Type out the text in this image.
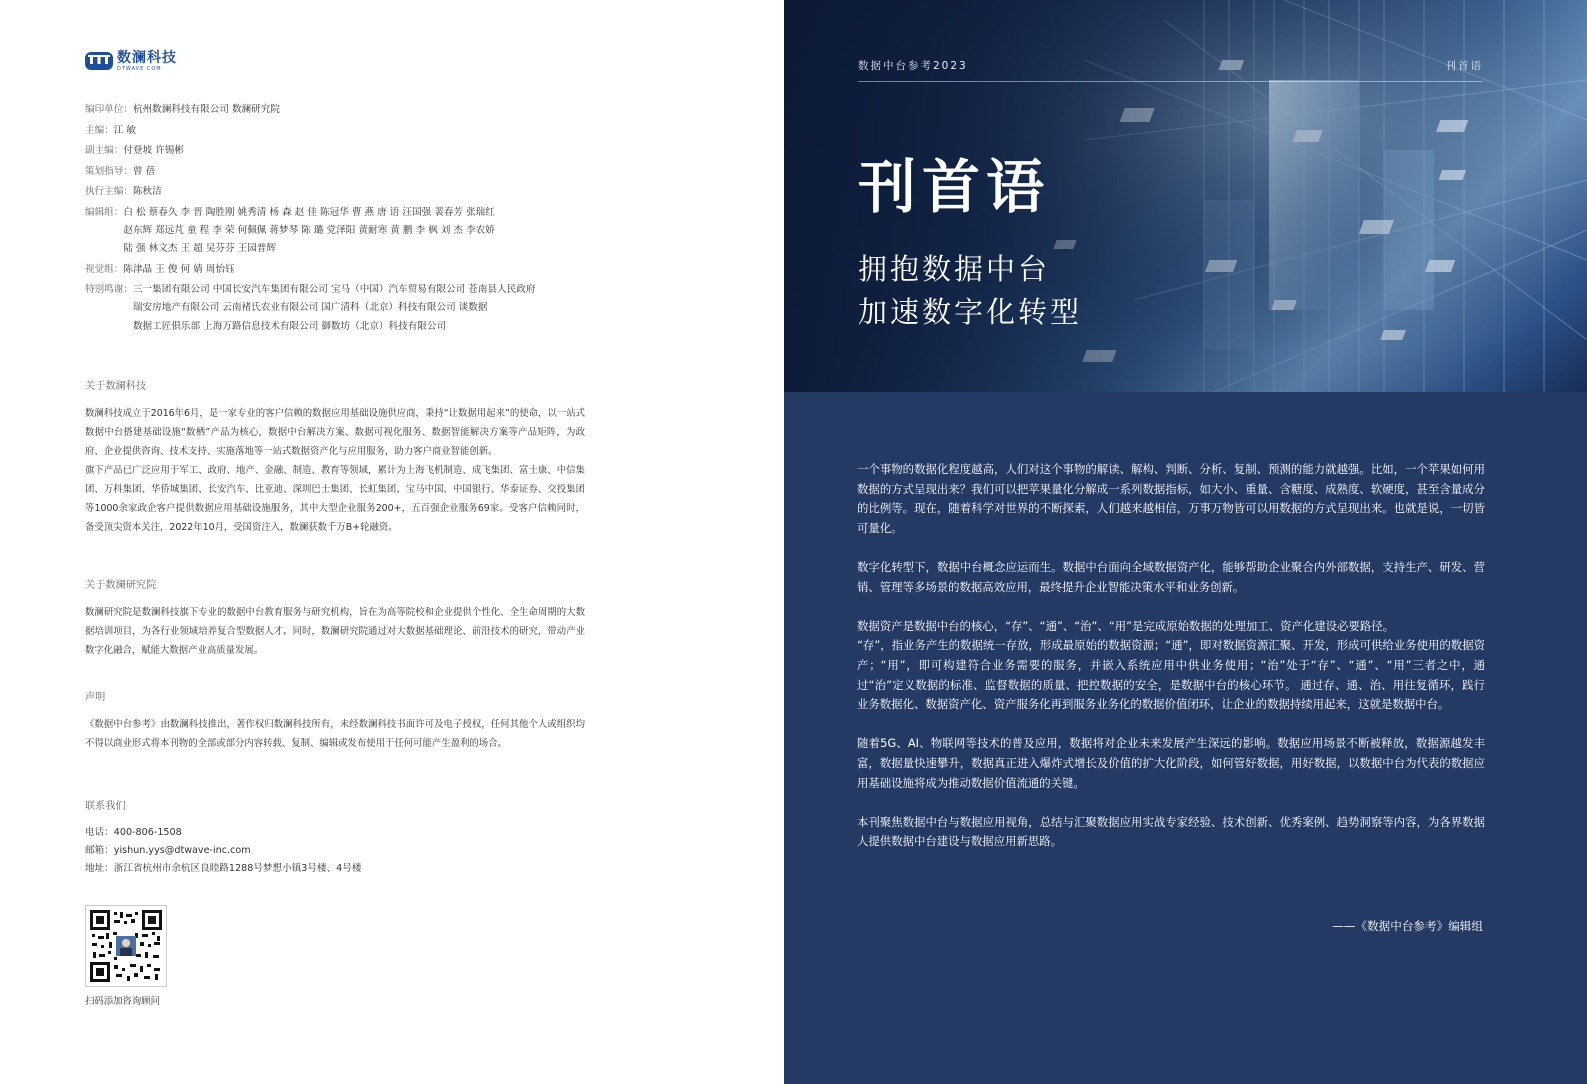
数澜科技
DTWAVE.COM
编印单位： 杭州数澜科技有限公司 数澜研究院
主编： 江 敏
副主编： 付登坡 许锡彬
策划指导： 曾 蓓
执行主编： 陈秋洁
编辑组： 白 松 蔡春久 李 晋 陶胜刚 姚秀清 杨 森 赵 佳 陈冠华 曹 燕 唐 语 汪国强 裴春芳 张瑞红
赵东辉 郑远芃 童 程 李 荣 何佩佩 蒋梦琴 陈 璐 党泽阳 黄耐寒 黄 鹏 李 枫 刘 杰 李农娇
陆 强 林文杰 王 超 吴芬芬 王园普辉
视觉组： 陈津晶 王 俊 何 婧 周怡钰
特别鸣谢： 三一集团有限公司 中国长安汽车集团有限公司 宝马（中国）汽车贸易有限公司 苍南县人民政府
瑞安房地产有限公司 云南褚氏农业有限公司 国广清科（北京）科技有限公司 谈数据
数据工匠俱乐部 上海万路信息技术有限公司 御数坊（北京）科技有限公司
关于数澜科技

数澜科技成立于2016年6月，是一家专业的客户信赖的数据应用基础设施供应商，秉持“让数据用起来”的使命，以一站式数据中台搭建基础设施“数栖”产品为核心，数据中台解决方案、数据可视化服务、数据智能解决方案等产品矩阵，为政府、企业提供咨询、技术支持、实施落地等一站式数据资产化与应用服务，助力客户商业智能创新。

旗下产品已广泛应用于军工、政府、地产、金融、制造、教育等领域，累计为上海飞机制造、成飞集团、富士康、中信集团、万科集团、华侨城集团、长安汽车、比亚迪、深圳巴士集团、长虹集团、宝马中国、中国银行、华泰证券、交投集团等1000余家政企客户提供数据应用基础设施服务，其中大型企业服务200+，五百强企业服务69家。受客户信赖同时，备受顶尖资本关注，2022年10月，受国资注入，数澜获数千万B+轮融资。

关于数澜研究院

数澜研究院是数澜科技旗下专业的数据中台教育服务与研究机构，旨在为高等院校和企业提供个性化、全生命周期的大数据培训项目，为各行业领域培养复合型数据人才。同时，数澜研究院通过对大数据基础理论、前沿技术的研究，带动产业数字化融合，赋能大数据产业高质量发展。

声明

《数据中台参考》由数澜科技推出，著作权归数澜科技所有，未经数澜科技书面许可及电子授权，任何其他个人或组织均不得以商业形式将本刊物的全部或部分内容转载、复制、编辑或发布使用于任何可能产生盈利的场合。

联系我们
电话：400-806-1508
邮箱：yishun.yys@dtwave-inc.com
地址：浙江省杭州市余杭区良睦路1288号梦想小镇3号楼、4号楼
扫码添加咨询顾问
数据中台参考2023	刊首语
刊首语
拥抱数据中台
加速数字化转型

一个事物的数据化程度越高，人们对这个事物的解读、解构、判断、分析、复制、预测的能力就越强。比如，一个苹果如何用数据的方式呈现出来？我们可以把苹果量化分解成一系列数据指标，如大小、重量、含糖度、成熟度、软硬度，甚至含量成分的比例等。现在，随着科学对世界的不断探索，人们越来越相信，万事万物皆可以用数据的方式呈现出来。也就是说，一切皆可量化。

数字化转型下，数据中台概念应运而生。数据中台面向全域数据资产化，能够帮助企业聚合内外部数据，支持生产、研发、营销、管理等多场景的数据高效应用，最终提升企业智能决策水平和业务创新。

数据资产是数据中台的核心，“存”、“通”、“治”、“用”是完成原始数据的处理加工、资产化建设必要路径。

“存”，指业务产生的数据统一存放，形成最原始的数据资源；“通”，即对数据资源汇聚、开发，形成可供给业务使用的数据资产；“用”，即可构建符合业务需要的服务，并嵌入系统应用中供业务使用；“治”处于“存”、“通”、“用”三者之中，通过“治”定义数据的标准、监督数据的质量、把控数据的安全，是数据中台的核心环节。 通过存、通、治、用往复循环，践行业务数据化、数据资产化、资产服务化再到服务业务化的数据价值闭环，让企业的数据持续用起来，这就是数据中台。

随着5G、AI、物联网等技术的普及应用，数据将对企业未来发展产生深远的影响。数据应用场景不断被释放，数据源越发丰富，数据量快速攀升，数据真正进入爆炸式增长及价值的扩大化阶段，如何管好数据，用好数据，以数据中台为代表的数据应用基础设施将成为推动数据价值流通的关键。

本刊聚焦数据中台与数据应用视角，总结与汇聚数据应用实战专家经验、技术创新、优秀案例、趋势洞察等内容，为各界数据人提供数据中台建设与数据应用新思路。

——《数据中台参考》编辑组
